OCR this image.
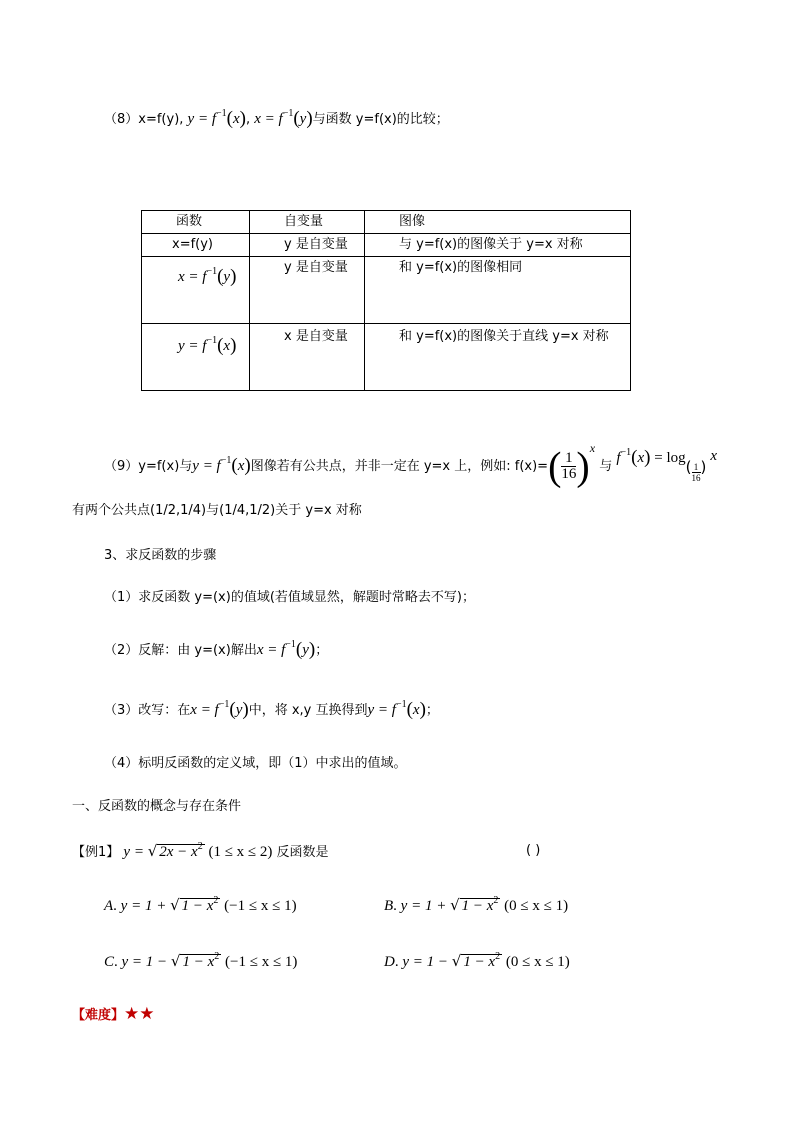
（8）x=f(y), $y = f^{-1}(x)$, $x = f^{-1}(y)$与函数 y=f(x)的比较；
函数	自变量	图像
x=f(y)	y 是自变量	与 y=f(x)的图像关于 y=x 对称
$x = f^{-1}(y)$	y 是自变量	和 y=f(x)的图像相同
$y = f^{-1}(x)$	x 是自变量	和 y=f(x)的图像关于直线 y=x 对称
（9）y=f(x)与$y = f^{-1}(x)$图像若有公共点，并非一定在 y=x 上，例如: $f(x)=( \frac{1}{16} )x$ 与 $f^{-1}(x) = \log( \frac{1}{16} )x$
有两个公共点(1/2,1/4)与(1/4,1/2)关于 y=x 对称
3、求反函数的步骤
（1）求反函数 y=(x)的值域(若值域显然，解题时常略去不写)；
（2）反解：由 y=(x)解出$x = f^{-1}(y)$；
（3）改写：在$x = f^{-1}(y)$中，将 x,y 互换得到$y = f^{-1}(x)$；
（4）标明反函数的定义域，即（1）中求出的值域。
一、反函数的概念与存在条件
【例1】 y = √ $2x - x^2$ (1 ≤ x ≤ 2) 反函数是	( )
A. y = 1 + √ $1 - x^2$ (−1 ≤ x ≤ 1)	B. y = 1 + √ $1 - x^2$ (0 ≤ x ≤ 1)
C. y = 1 − √ $1 - x^2$ (−1 ≤ x ≤ 1)	D. y = 1 − √ $1 - x^2$ (0 ≤ x ≤ 1)
【难度】★★
